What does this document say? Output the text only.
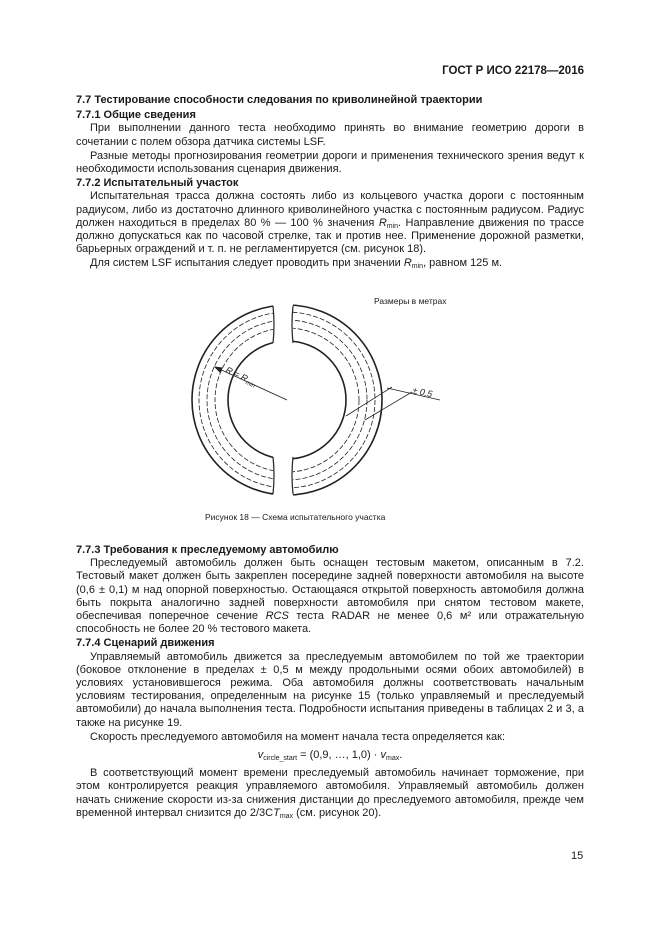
ГОСТ Р ИСО 22178—2016

7.7 Тестирование способности следования по криволинейной траектории

7.7.1 Общие сведения

При выполнении данного теста необходимо принять во внимание геометрию дороги в сочетании с полем обзора датчика системы LSF.

Разные методы прогнозирования геометрии дороги и применения технического зрения ведут к необходимости использования сценария движения.

7.7.2 Испытательный участок

Испытательная трасса должна состоять либо из кольцевого участка дороги с постоянным радиусом, либо из достаточно длинного криволинейного участка с постоянным радиусом. Радиус должен находиться в пределах 80 % — 100 % значения $R_{min}$. Направление движения по трассе должно допускаться как по часовой стрелке, так и против нее. Применение дорожной разметки, барьерных ограждений и т. п. не регламентируется (см. рисунок 18).

Для систем LSF испытания следует проводить при значении $R_{min}$, равном 125 м.

Размеры в метрах
$R = R_{min}$
± 0,5
Рисунок 18 — Схема испытательного участка

7.7.3 Требования к преследуемому автомобилю

Преследуемый автомобиль должен быть оснащен тестовым макетом, описанным в 7.2. Тестовый макет должен быть закреплен посередине задней поверхности автомобиля на высоте (0,6 ± 0,1) м над опорной поверхностью. Остающаяся открытой поверхность автомобиля должна быть покрыта аналогично задней поверхности автомобиля при снятом тестовом макете, обеспечивая поперечное сечение RCS теста RADAR не менее 0,6 м² или отражательную способность не более 20 % тестового макета.

7.7.4 Сценарий движения

Управляемый автомобиль движется за преследуемым автомобилем по той же траектории (боковое отклонение в пределах ± 0,5 м между продольными осями обоих автомобилей) в условиях установившегося режима. Оба автомобиля должны соответствовать начальным условиям тестирования, определенным на рисунке 15 (только управляемый и преследуемый автомобили) до начала выполнения теста. Подробности испытания приведены в таблицах 2 и 3, а также на рисунке 19.

Скорость преследуемого автомобиля на момент начала теста определяется как:

$v_{circle\_start} = (0,9$, …, $1,0) \cdot v_{max}$.

В соответствующий момент времени преследуемый автомобиль начинает торможение, при этом контролируется реакция управляемого автомобиля. Управляемый автомобиль должен начать снижение скорости из-за снижения дистанции до преследуемого автомобиля, прежде чем временной интервал снизится до $2/3CT_{max}$ (см. рисунок 20).

15
